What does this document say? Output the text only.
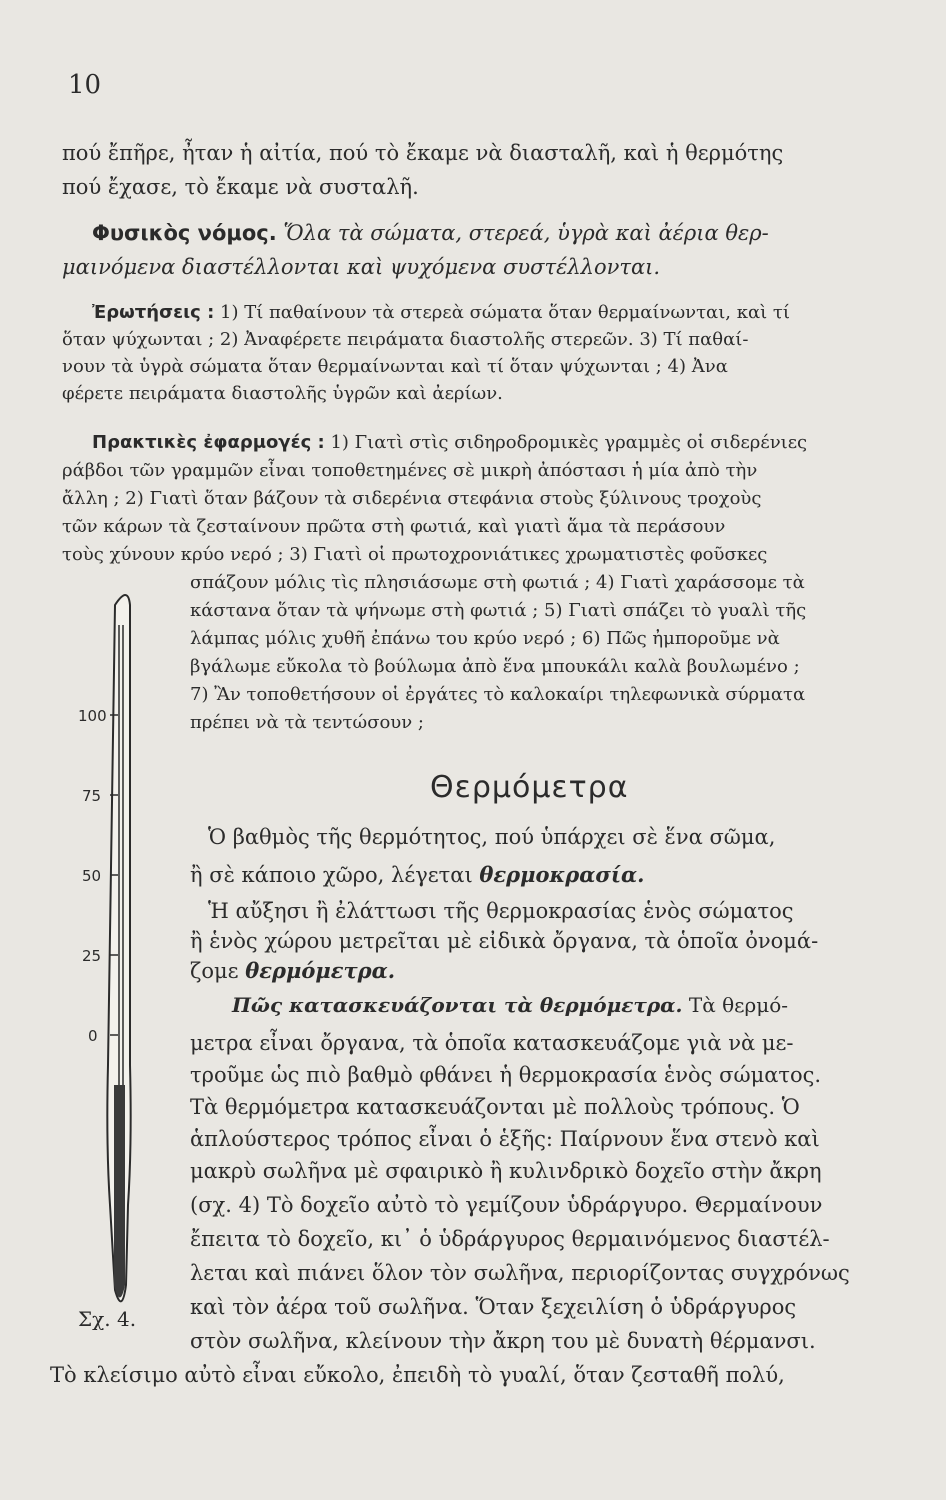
10
πού ἔπῆρε, ἦταν ἡ αἰτία, πού τὸ ἔκαμε νὰ διασταλῆ, καὶ ἡ θερμότης
πού ἔχασε, τὸ ἔκαμε νὰ συσταλῆ.
Φυσικὸς νόμος. Ὅλα τὰ σώματα, στερεά, ὑγρὰ καὶ ἀέρια θερ-
μαινόμενα διαστέλλονται καὶ ψυχόμενα συστέλλονται.
Ἐρωτήσεις : 1) Τί παθαίνουν τὰ στερεὰ σώματα ὅταν θερμαίνωνται, καὶ τί
ὅταν ψύχωνται ; 2) Ἀναφέρετε πειράματα διαστολῆς στερεῶν. 3) Τί παθαί-
νουν τὰ ὑγρὰ σώματα ὅταν θερμαίνωνται καὶ τί ὅταν ψύχωνται ; 4) Ἀνα
φέρετε πειράματα διαστολῆς ὑγρῶν καὶ ἀερίων.
Πρακτικὲς ἐφαρμογές : 1) Γιατὶ στὶς σιδηροδρομικὲς γραμμὲς οἱ σιδερένιες
ράβδοι τῶν γραμμῶν εἶναι τοποθετημένες σὲ μικρὴ ἀπόστασι ἡ μία ἀπὸ τὴν
ἄλλη ; 2) Γιατὶ ὅταν βάζουν τὰ σιδερένια στεφάνια στοὺς ξύλινους τροχοὺς
τῶν κάρων τὰ ζεσταίνουν πρῶτα στὴ φωτιά, καὶ γιατὶ ἅμα τὰ περάσουν
τοὺς χύνουν κρύο νερό ; 3) Γιατὶ οἱ πρωτοχρονιάτικες χρωματιστὲς φοῦσκες
σπάζουν μόλις τὶς πλησιάσωμε στὴ φωτιά ; 4) Γιατὶ χαράσσομε τὰ
κάστανα ὅταν τὰ ψήνωμε στὴ φωτιά ; 5) Γιατὶ σπάζει τὸ γυαλὶ τῆς
λάμπας μόλις χυθῆ ἐπάνω του κρύο νερό ; 6) Πῶς ἠμποροῦμε νὰ
βγάλωμε εὔκολα τὸ βούλωμα ἀπὸ ἕνα μπουκάλι καλὰ βουλωμένο ;
7) Ἂν τοποθετήσουν οἱ ἐργάτες τὸ καλοκαίρι τηλεφωνικὰ σύρματα
πρέπει νὰ τὰ τεντώσουν ;
Θερμόμετρα
Ὁ βαθμὸς τῆς θερμότητος, πού ὑπάρχει σὲ ἕνα σῶμα,
ἢ σὲ κάποιο χῶρο, λέγεται θερμοκρασία.
Ἡ αὔξησι ἢ ἐλάττωσι τῆς θερμοκρασίας ἑνὸς σώματος
ἢ ἑνὸς χώρου μετρεῖται μὲ εἰδικὰ ὄργανα, τὰ ὁποῖα ὀνομά-
ζομε θερμόμετρα.
Πῶς κατασκευάζονται τὰ θερμόμετρα. Τὰ θερμό-
μετρα εἶναι ὄργανα, τὰ ὁποῖα κατασκευάζομε γιὰ νὰ με-
τροῦμε ὡς πιὸ βαθμὸ φθάνει ἡ θερμοκρασία ἑνὸς σώματος.
Τὰ θερμόμετρα κατασκευάζονται μὲ πολλοὺς τρόπους. Ὁ
ἁπλούστερος τρόπος εἶναι ὁ ἑξῆς: Παίρνουν ἕνα στενὸ καὶ
μακρὺ σωλῆνα μὲ σφαιρικὸ ἢ κυλινδρικὸ δοχεῖο στὴν ἄκρη
(σχ. 4) Τὸ δοχεῖο αὐτὸ τὸ γεμίζουν ὑδράργυρο. Θερμαίνουν
ἔπειτα τὸ δοχεῖο, κι᾿ ὁ ὑδράργυρος θερμαινόμενος διαστέλ-
λεται καὶ πιάνει ὅλον τὸν σωλῆνα, περιορίζοντας συγχρόνως
καὶ τὸν ἀέρα τοῦ σωλῆνα. Ὅταν ξεχειλίση ὁ ὑδράργυρος
στὸν σωλῆνα, κλείνουν τὴν ἄκρη του μὲ δυνατὴ θέρμανσι.
Τὸ κλείσιμο αὐτὸ εἶναι εὔκολο, ἐπειδὴ τὸ γυαλί, ὅταν ζεσταθῆ πολύ,
100
75
50
25
0
Σχ. 4.
